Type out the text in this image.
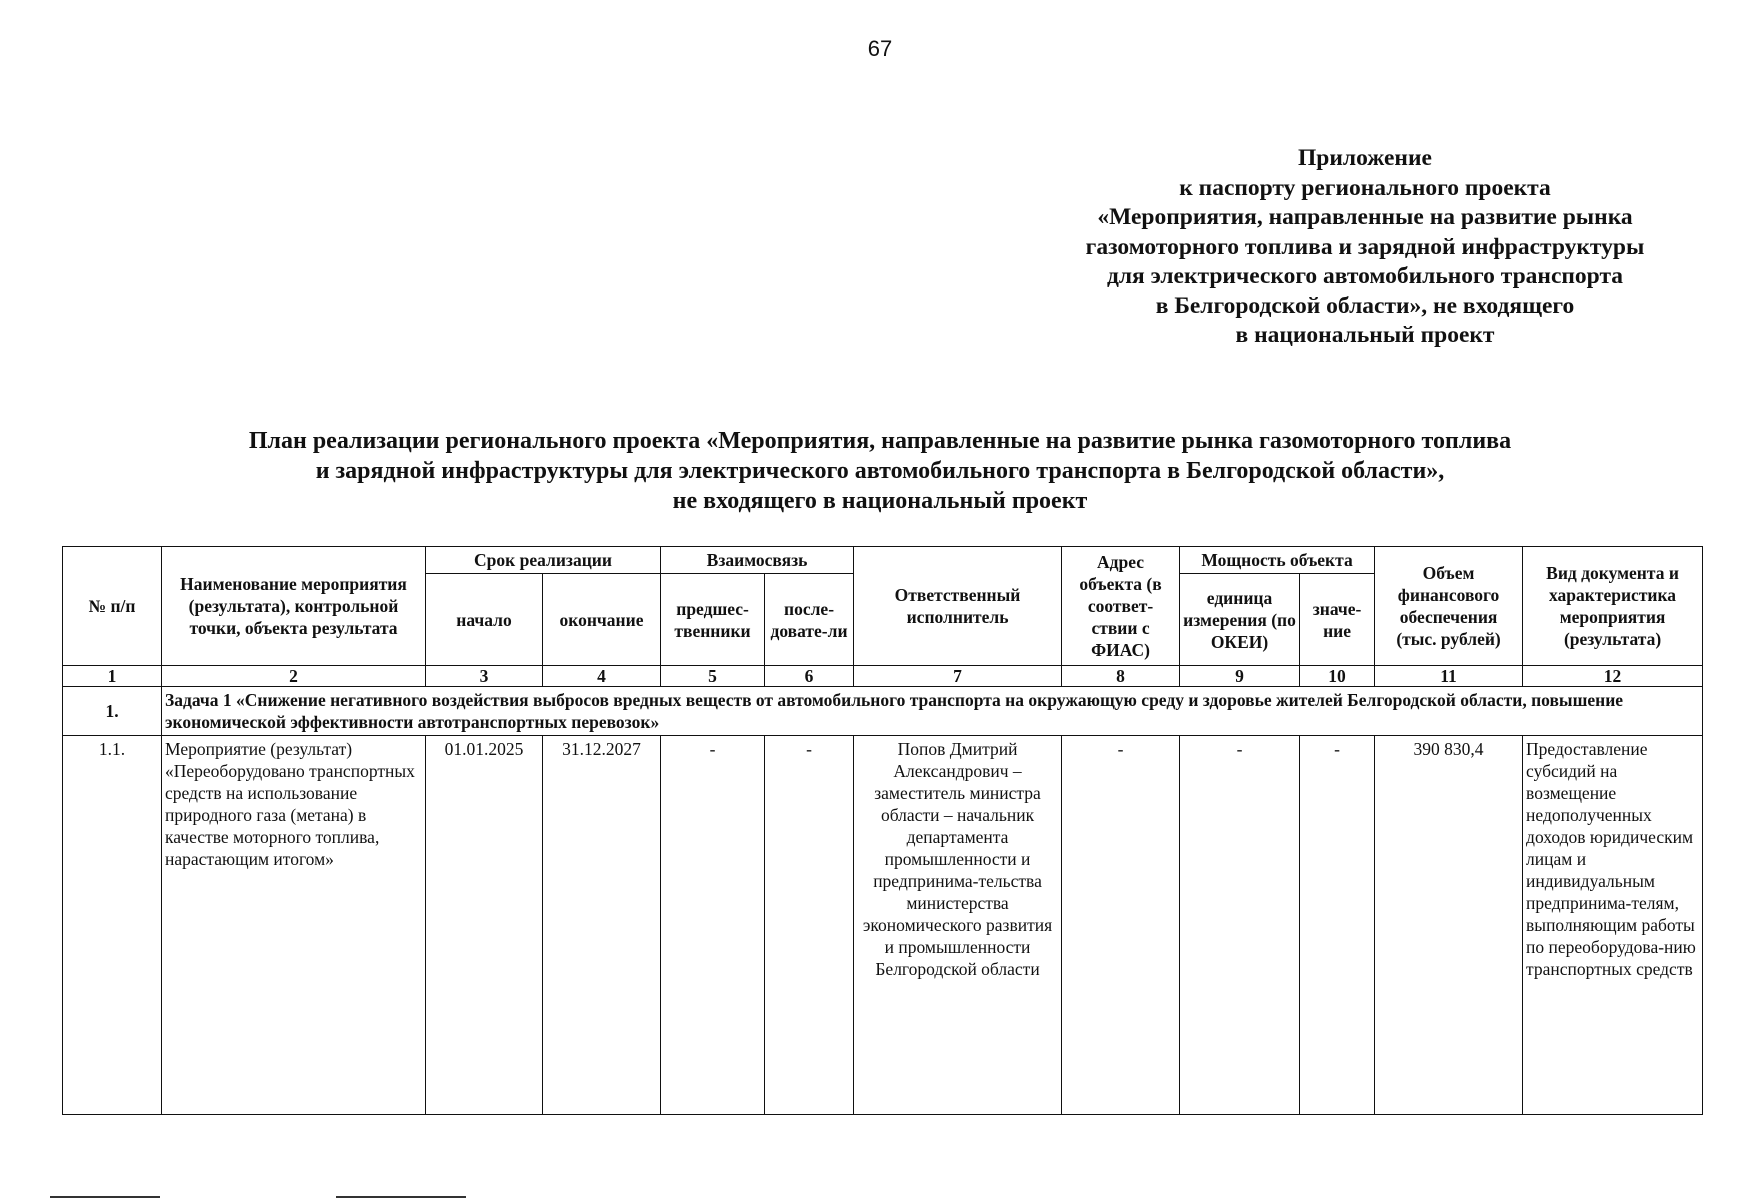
67
Приложение
к паспорту регионального проекта
«Мероприятия, направленные на развитие рынка
газомоторного топлива и зарядной инфраструктуры
для электрического автомобильного транспорта
в Белгородской области», не входящего
в национальный проект
План реализации регионального проекта «Мероприятия, направленные на развитие рынка газомоторного топлива
и зарядной инфраструктуры для электрического автомобильного транспорта в Белгородской области»,
не входящего в национальный проект
№ п/п	Наименование мероприятия (результата), контрольной точки, объекта результата	Срок реализации		Взаимосвязь		Ответственный исполнитель	Адрес объекта (в соответ-ствии с ФИАС)	Мощность объекта		Объем финансового обеспечения (тыс. рублей)	Вид документа и характеристика мероприятия (результата)
		начало	окончание	предшес-твенники	после-довате-ли			единица измерения (по ОКЕИ)	значе-ние		
1	2	3	4	5	6	7	8	9	10	11	12
1.	Задача 1 «Снижение негативного воздействия выбросов вредных веществ от автомобильного транспорта на окружающую среду и здоровье жителей Белгородской области, повышение экономической эффективности автотранспортных перевозок»										
1.1.	Мероприятие (результат) «Переоборудовано транспортных средств на использование природного газа (метана) в качестве моторного топлива, нарастающим итогом»	01.01.2025	31.12.2027	-	-	Попов Дмитрий Александрович – заместитель министра области – начальник департамента промышленности и предпринима-тельства министерства экономического развития и промышленности Белгородской области	-	-	-	390 830,4	Предоставление субсидий на возмещение недополученных доходов юридическим лицам и индивидуальным предпринима-телям, выполняющим работы по переоборудова-нию транспортных средств
